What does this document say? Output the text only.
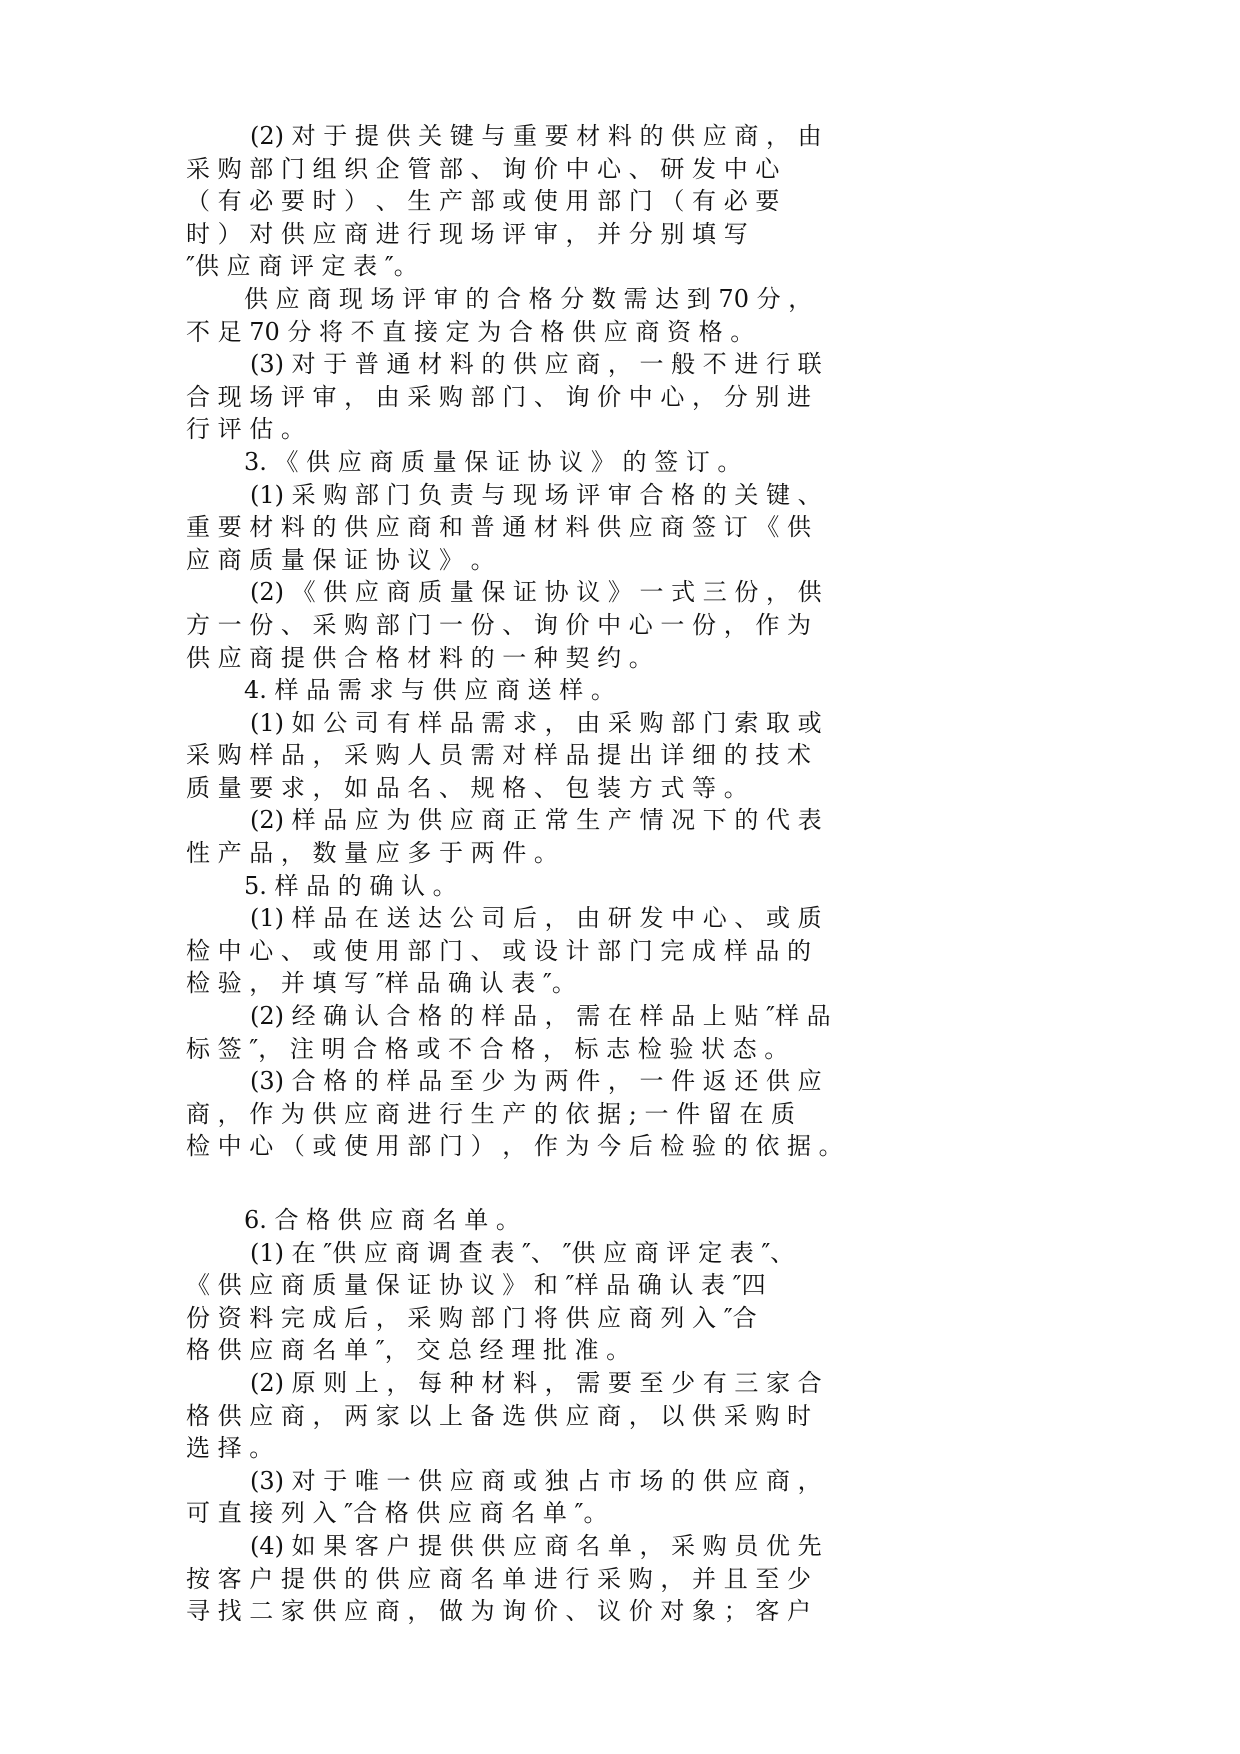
(2) 对 于 提 供 关 键 与 重 要 材 料 的 供 应 商 ， 由
采 购 部 门 组 织 企 管 部 、 询 价 中 心 、 研 发 中 心
（ 有 必 要 时 ） 、 生 产 部 或 使 用 部 门 （ 有 必 要
时 ） 对 供 应 商 进 行 现 场 评 审 ， 并 分 别 填 写
″供 应 商 评 定 表 ″。
供 应 商 现 场 评 审 的 合 格 分 数 需 达 到 70 分 ，
不 足 70 分 将 不 直 接 定 为 合 格 供 应 商 资 格 。
(3) 对 于 普 通 材 料 的 供 应 商 ， 一 般 不 进 行 联
合 现 场 评 审 ， 由 采 购 部 门 、 询 价 中 心 ， 分 别 进
行 评 估 。
3. 《 供 应 商 质 量 保 证 协 议 》 的 签 订 。
(1) 采 购 部 门 负 责 与 现 场 评 审 合 格 的 关 键 、
重 要 材 料 的 供 应 商 和 普 通 材 料 供 应 商 签 订 《 供
应 商 质 量 保 证 协 议 》 。
(2) 《 供 应 商 质 量 保 证 协 议 》 一 式 三 份 ， 供
方 一 份 、 采 购 部 门 一 份 、 询 价 中 心 一 份 ， 作 为
供 应 商 提 供 合 格 材 料 的 一 种 契 约 。
4. 样 品 需 求 与 供 应 商 送 样 。
(1) 如 公 司 有 样 品 需 求 ， 由 采 购 部 门 索 取 或
采 购 样 品 ， 采 购 人 员 需 对 样 品 提 出 详 细 的 技 术
质 量 要 求 ， 如 品 名 、 规 格 、 包 装 方 式 等 。
(2) 样 品 应 为 供 应 商 正 常 生 产 情 况 下 的 代 表
性 产 品 ， 数 量 应 多 于 两 件 。
5. 样 品 的 确 认 。
(1) 样 品 在 送 达 公 司 后 ， 由 研 发 中 心 、 或 质
检 中 心 、 或 使 用 部 门 、 或 设 计 部 门 完 成 样 品 的
检 验 ， 并 填 写 ″样 品 确 认 表 ″。
(2) 经 确 认 合 格 的 样 品 ， 需 在 样 品 上 贴 ″样 品
标 签 ″， 注 明 合 格 或 不 合 格 ， 标 志 检 验 状 态 。
(3) 合 格 的 样 品 至 少 为 两 件 ， 一 件 返 还 供 应
商 ， 作 为 供 应 商 进 行 生 产 的 依 据 ; 一 件 留 在 质
检 中 心 （ 或 使 用 部 门 ） ， 作 为 今 后 检 验 的 依 据 。
6. 合 格 供 应 商 名 单 。
(1) 在 ″供 应 商 调 查 表 ″、 ″供 应 商 评 定 表 ″、
《 供 应 商 质 量 保 证 协 议 》 和 ″样 品 确 认 表 ″四
份 资 料 完 成 后 ， 采 购 部 门 将 供 应 商 列 入 ″合
格 供 应 商 名 单 ″， 交 总 经 理 批 准 。
(2) 原 则 上 ， 每 种 材 料 ， 需 要 至 少 有 三 家 合
格 供 应 商 ， 两 家 以 上 备 选 供 应 商 ， 以 供 采 购 时
选 择 。
(3) 对 于 唯 一 供 应 商 或 独 占 市 场 的 供 应 商 ，
可 直 接 列 入 ″合 格 供 应 商 名 单 ″。
(4) 如 果 客 户 提 供 供 应 商 名 单 ， 采 购 员 优 先
按 客 户 提 供 的 供 应 商 名 单 进 行 采 购 ， 并 且 至 少
寻 找 二 家 供 应 商 ， 做 为 询 价 、 议 价 对 象 ； 客 户
